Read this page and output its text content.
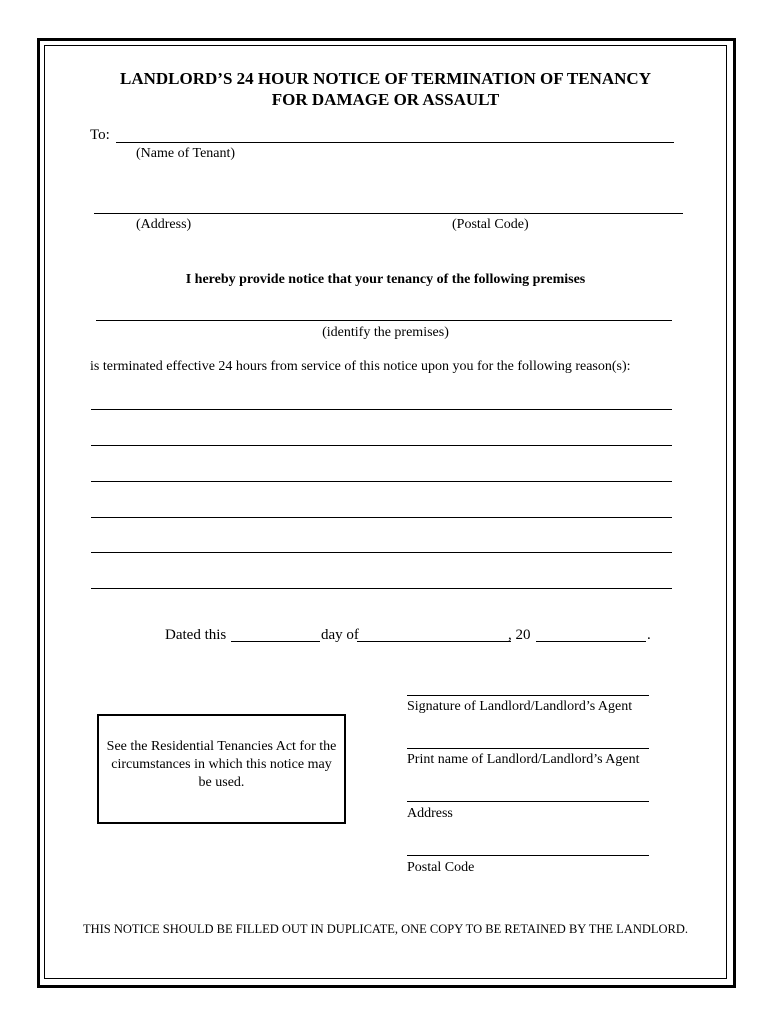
LANDLORD’S 24 HOUR NOTICE OF TERMINATION OF TENANCY
FOR DAMAGE OR ASSAULT
To:
(Name of Tenant)
(Address)	(Postal Code)
I hereby provide notice that your tenancy of the following premises
(identify the premises)
is terminated effective 24 hours from service of this notice upon you for the following reason(s):
Dated this	day of	, 20	.
Signature of Landlord/Landlord’s Agent
Print name of Landlord/Landlord’s Agent
Address
Postal Code
See the Residential Tenancies Act for the circumstances in which this notice may be used.
THIS NOTICE SHOULD BE FILLED OUT IN DUPLICATE, ONE COPY TO BE RETAINED BY THE LANDLORD.
